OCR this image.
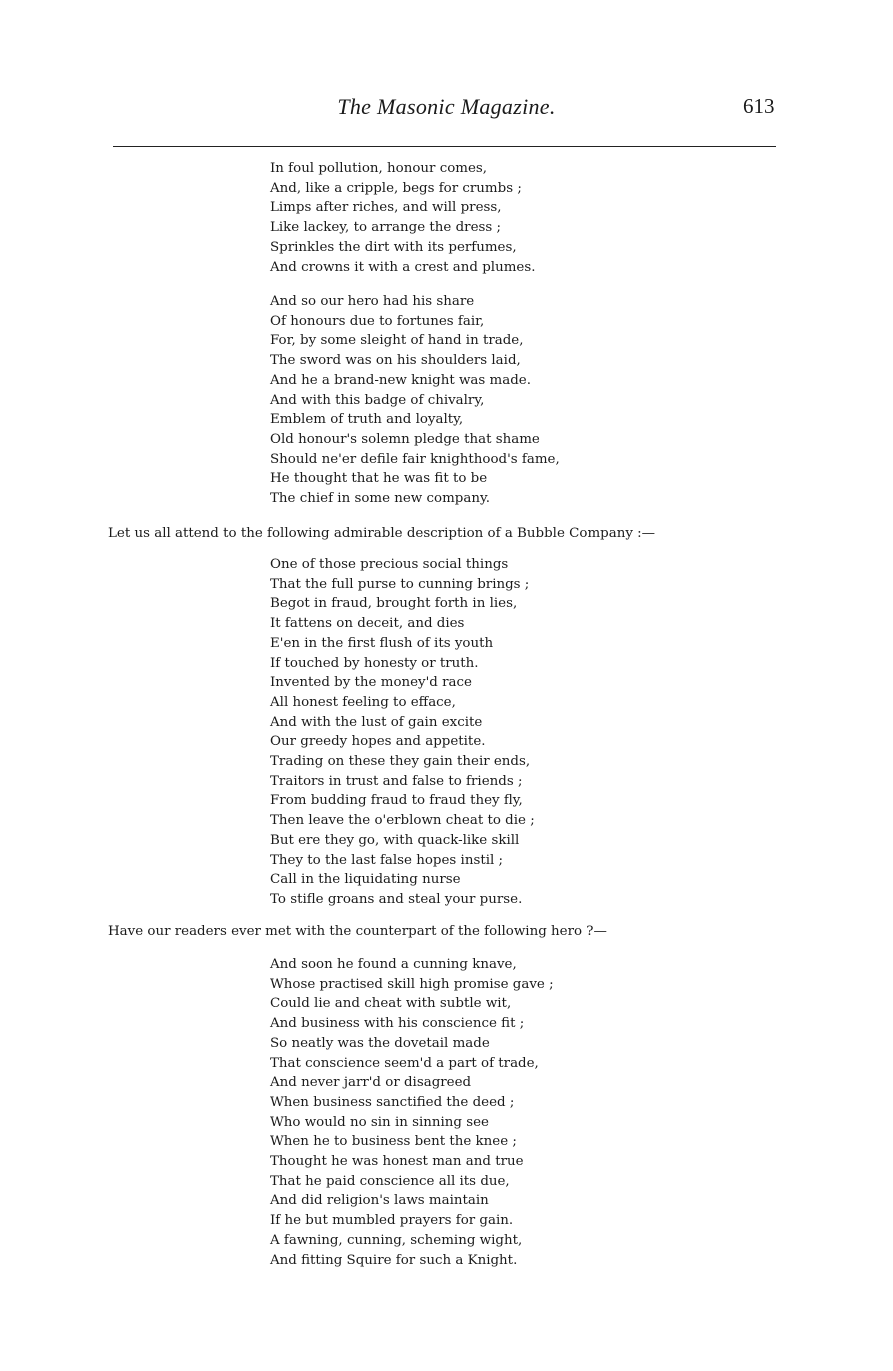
The Masonic Magazine.	613
In foul pollution, honour comes,
And, like a cripple, begs for crumbs ;
Limps after riches, and will press,
Like lackey, to arrange the dress ;
Sprinkles the dirt with its perfumes,
And crowns it with a crest and plumes.
And so our hero had his share
Of honours due to fortunes fair,
For, by some sleight of hand in trade,
The sword was on his shoulders laid,
And he a brand-new knight was made.
And with this badge of chivalry,
Emblem of truth and loyalty,
Old honour's solemn pledge that shame
Should ne'er defile fair knighthood's fame,
He thought that he was fit to be
The chief in some new company.
Let us all attend to the following admirable description of a Bubble Company :—
One of those precious social things
That the full purse to cunning brings ;
Begot in fraud, brought forth in lies,
It fattens on deceit, and dies
E'en in the first flush of its youth
If touched by honesty or truth.
Invented by the money'd race
All honest feeling to efface,
And with the lust of gain excite
Our greedy hopes and appetite.
Trading on these they gain their ends,
Traitors in trust and false to friends ;
From budding fraud to fraud they fly,
Then leave the o'erblown cheat to die ;
But ere they go, with quack-like skill
They to the last false hopes instil ;
Call in the liquidating nurse
To stifle groans and steal your purse.
Have our readers ever met with the counterpart of the following hero ?—
And soon he found a cunning knave,
Whose practised skill high promise gave ;
Could lie and cheat with subtle wit,
And business with his conscience fit ;
So neatly was the dovetail made
That conscience seem'd a part of trade,
And never jarr'd or disagreed
When business sanctified the deed ;
Who would no sin in sinning see
When he to business bent the knee ;
Thought he was honest man and true
That he paid conscience all its due,
And did religion's laws maintain
If he but mumbled prayers for gain.
A fawning, cunning, scheming wight,
And fitting Squire for such a Knight.
